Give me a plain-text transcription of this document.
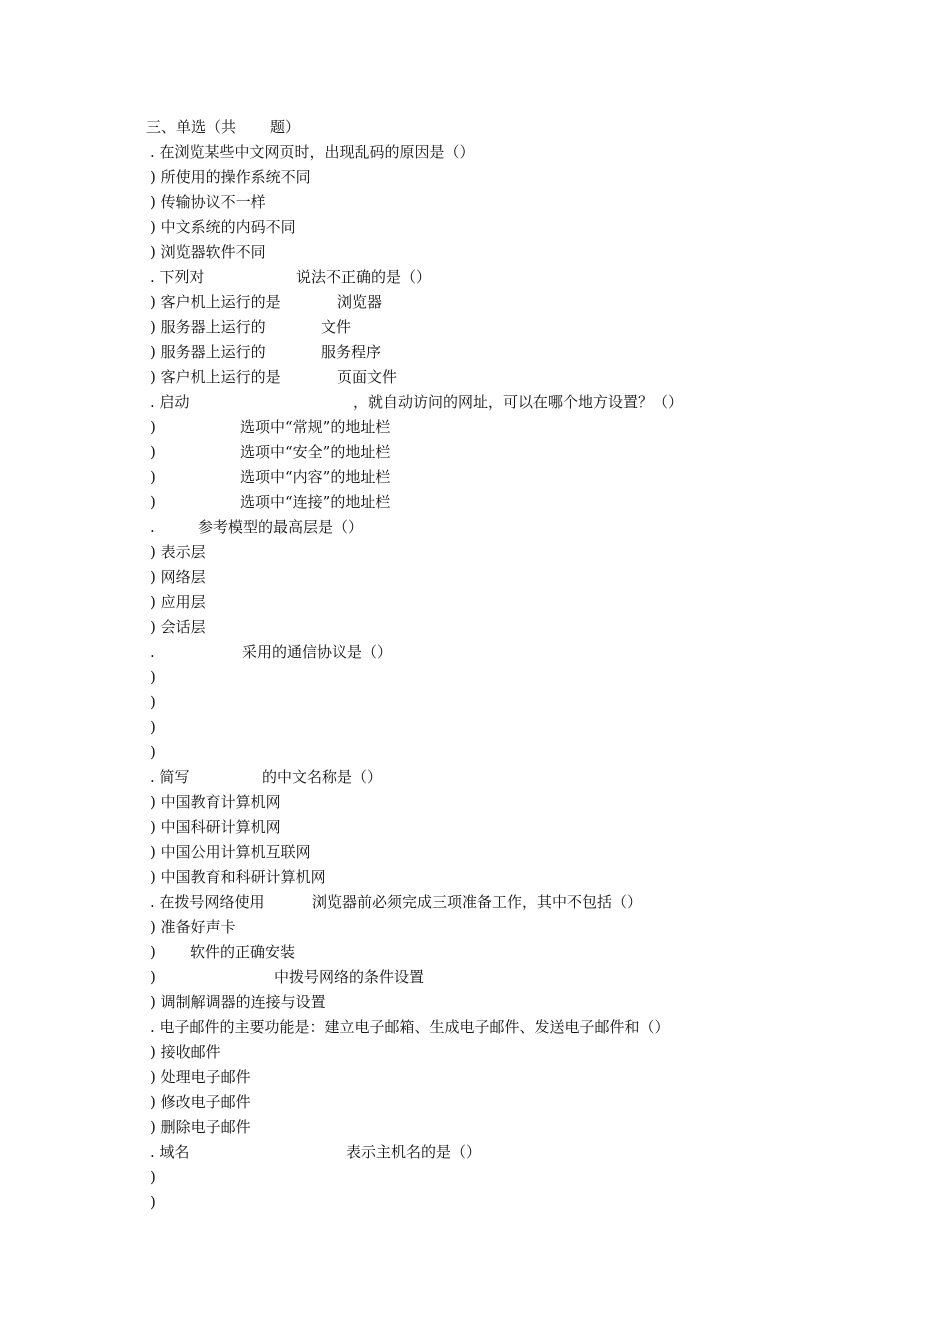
三、单选（共

题）

. 在浏览某些中文网页时，出现乱码的原因是（）

) 所使用的操作系统不同

) 传输协议不一样

) 中文系统的内码不同

) 浏览器软件不同

. 下列对

	说法不正确的是（）

) 客户机上运行的是

	浏览器

) 服务器上运行的

	文件

) 服务器上运行的

	服务程序

) 客户机上运行的是

	页面文件

. 启动

	，就自动访问的网址，可以在哪个地方设置？（）

)

	选项中“常规”的地址栏

)

	选项中“安全”的地址栏

)

	选项中“内容”的地址栏

)

	选项中“连接”的地址栏

.

	参考模型的最高层是（）

) 表示层

) 网络层

) 应用层

) 会话层

.

	采用的通信协议是（）

)

)

)

)

. 简写

	的中文名称是（）

) 中国教育计算机网

) 中国科研计算机网

) 中国公用计算机互联网

) 中国教育和科研计算机网

. 在拨号网络使用

	浏览器前必须完成三项准备工作，其中不包括（）

) 准备好声卡

)

软件的正确安装

)

	中拨号网络的条件设置

) 调制解调器的连接与设置

. 电子邮件的主要功能是：建立电子邮箱、生成电子邮件、发送电子邮件和（）

) 接收邮件

) 处理电子邮件

) 修改电子邮件

) 删除电子邮件

. 域名

	表示主机名的是（）

)

)
